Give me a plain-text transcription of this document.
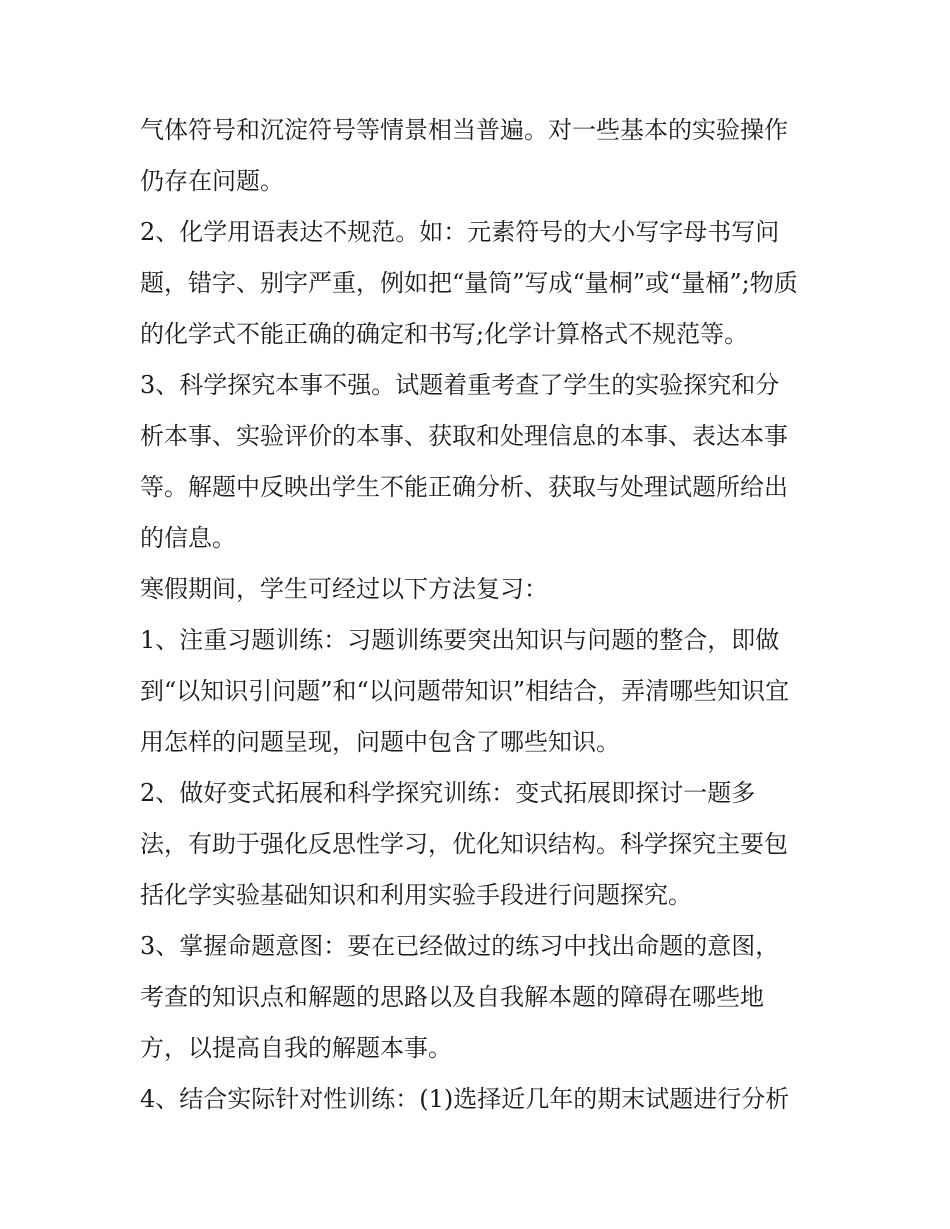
气体符号和沉淀符号等情景相当普遍。对一些基本的实验操作
仍存在问题。
2、化学用语表达不规范。如：元素符号的大小写字母书写问
题，错字、别字严重，例如把“量筒”写成“量桐”或“量桶”;物质
的化学式不能正确的确定和书写;化学计算格式不规范等。
3、科学探究本事不强。试题着重考查了学生的实验探究和分
析本事、实验评价的本事、获取和处理信息的本事、表达本事
等。解题中反映出学生不能正确分析、获取与处理试题所给出
的信息。
寒假期间，学生可经过以下方法复习：
1、注重习题训练：习题训练要突出知识与问题的整合，即做
到“以知识引问题”和“以问题带知识”相结合，弄清哪些知识宜
用怎样的问题呈现，问题中包含了哪些知识。
2、做好变式拓展和科学探究训练：变式拓展即探讨一题多
法，有助于强化反思性学习，优化知识结构。科学探究主要包
括化学实验基础知识和利用实验手段进行问题探究。
3、掌握命题意图：要在已经做过的练习中找出命题的意图，
考查的知识点和解题的思路以及自我解本题的障碍在哪些地
方，以提高自我的解题本事。
4、结合实际针对性训练：(1)选择近几年的期末试题进行分析
